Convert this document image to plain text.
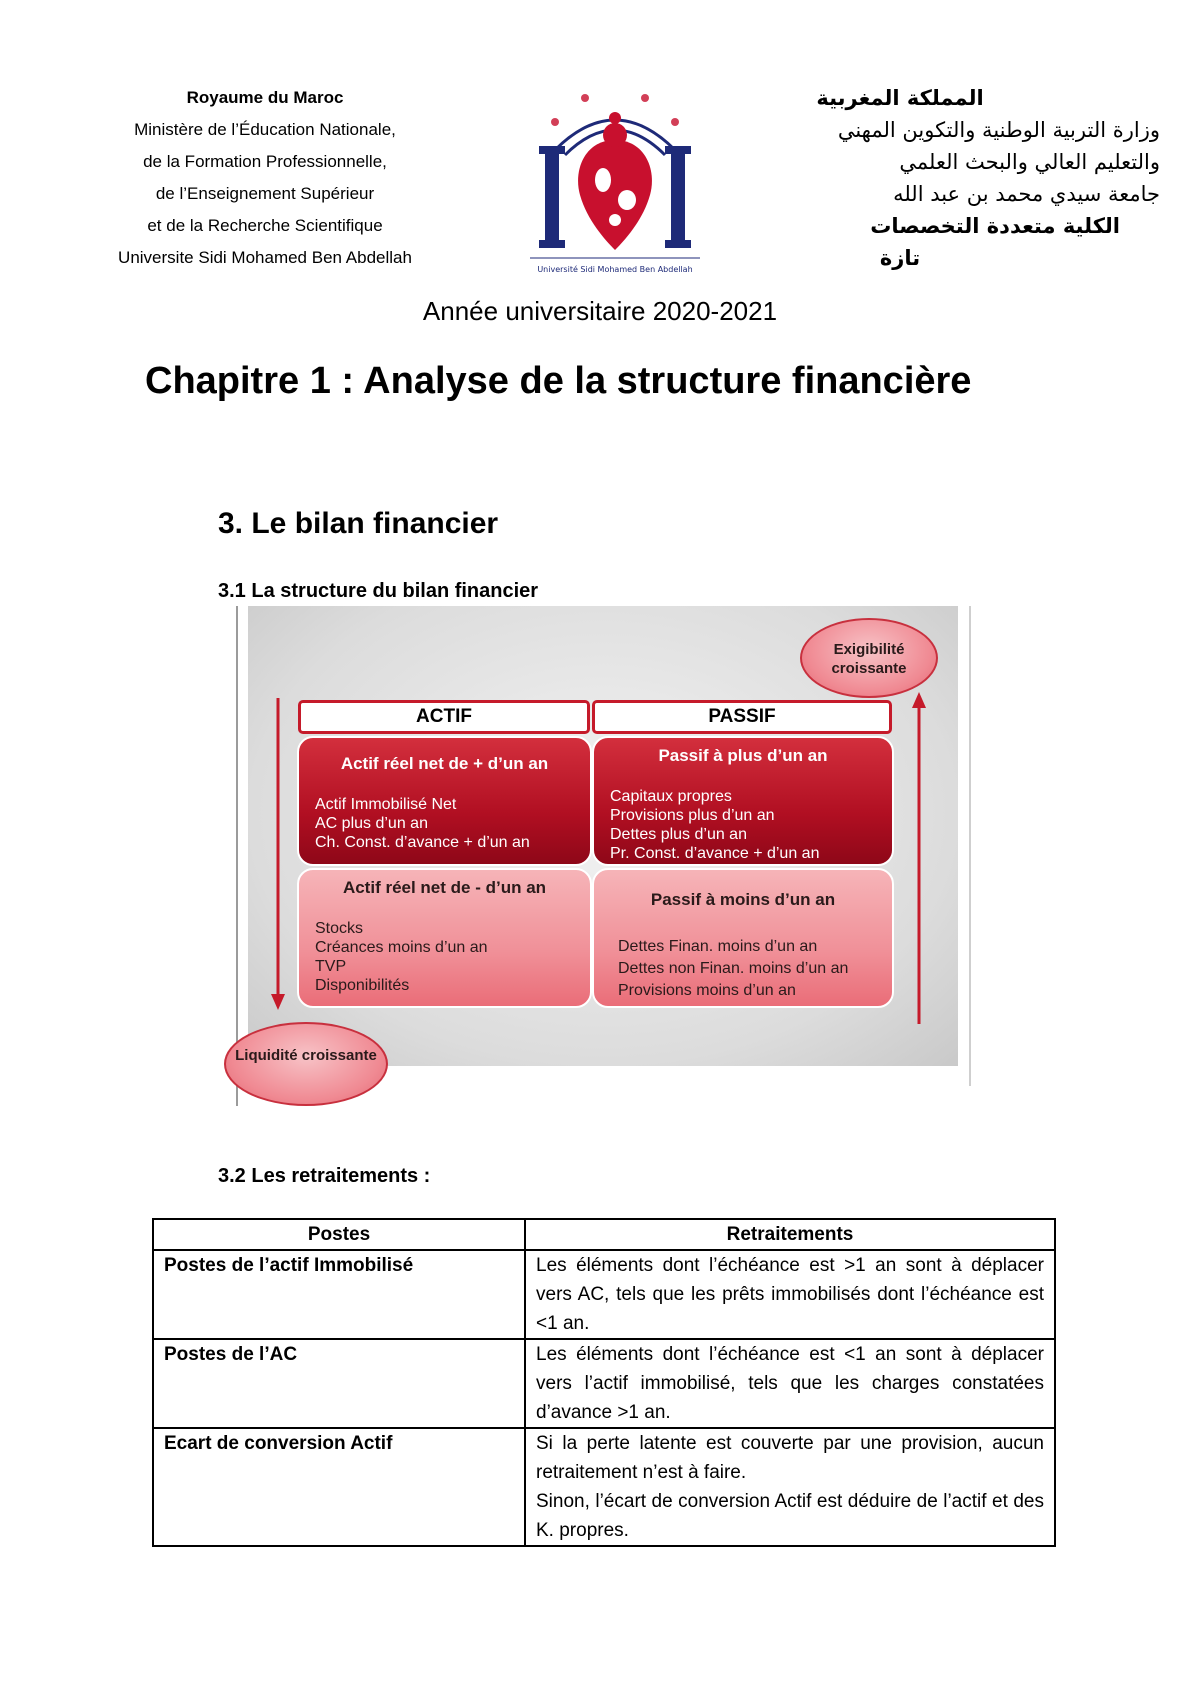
Royaume du Maroc
Ministère de l’Éducation Nationale,
de la Formation Professionnelle,
de l’Enseignement Supérieur
et de la Recherche Scientifique
Universite Sidi Mohamed Ben Abdellah
Université Sidi Mohamed Ben Abdellah
المملكة المغربية
وزارة التربية الوطنية والتكوين المهني
والتعليم العالي والبحث العلمي
جامعة سيدي محمد بن عبد الله
الكلية متعددة التخصصات
تازة
Année universitaire 2020-2021
Chapitre 1 : Analyse de la structure financière
3. Le bilan financier
3.1 La structure du bilan financier
ACTIF	PASSIF
Actif réel net de + d’un an
Actif Immobilisé Net
AC plus d’un an
Ch. Const. d’avance + d’un an
Passif à plus d’un an
Capitaux propres
Provisions plus d’un an
Dettes plus d’un an
Pr. Const. d’avance + d’un an
Actif réel net de - d’un an
Stocks
Créances moins d’un an
TVP
Disponibilités
Passif à moins d’un an
Dettes Finan. moins d’un an
Dettes non Finan. moins d’un an
Provisions moins d’un an
Exigibilité croissante
Liquidité croissante
3.2 Les retraitements :
Postes	Retraitements
Postes de l’actif Immobilisé	Les éléments dont l’échéance est >1 an sont à déplacer vers AC, tels que les prêts immobilisés dont l’échéance est <1 an.

Postes de l’AC	Les éléments dont l’échéance est <1 an sont à déplacer vers l’actif immobilisé, tels que les charges constatées d’avance >1 an.

Ecart de conversion Actif	Si la perte latente est couverte par une provision, aucun retraitement n’est à faire.
Sinon, l’écart de conversion Actif est déduire de l’actif et des K. propres.
